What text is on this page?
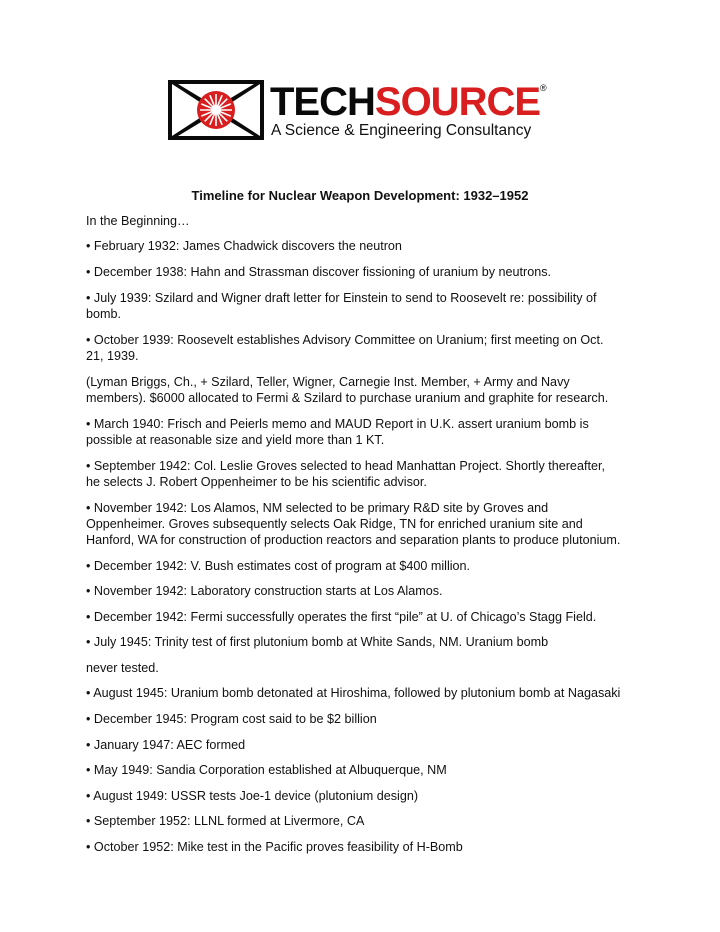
TECHSOURCE®
A Science & Engineering Consultancy
Timeline for Nuclear Weapon Development: 1932–1952
In the Beginning…
• February 1932: James Chadwick discovers the neutron
• December 1938: Hahn and Strassman discover fissioning of uranium by neutrons.
• July 1939: Szilard and Wigner draft letter for Einstein to send to Roosevelt re: possibility of
bomb.
• October 1939: Roosevelt establishes Advisory Committee on Uranium; first meeting on Oct.
21, 1939.
(Lyman Briggs, Ch., + Szilard, Teller, Wigner, Carnegie Inst. Member, + Army and Navy
members). $6000 allocated to Fermi & Szilard to purchase uranium and graphite for research.
• March 1940: Frisch and Peierls memo and MAUD Report in U.K. assert uranium bomb is
possible at reasonable size and yield more than 1 KT.
• September 1942: Col. Leslie Groves selected to head Manhattan Project. Shortly thereafter,
he selects J. Robert Oppenheimer to be his scientific advisor.
• November 1942: Los Alamos, NM selected to be primary R&D site by Groves and
Oppenheimer. Groves subsequently selects Oak Ridge, TN for enriched uranium site and
Hanford, WA for construction of production reactors and separation plants to produce plutonium.
• December 1942: V. Bush estimates cost of program at $400 million.
• November 1942: Laboratory construction starts at Los Alamos.
• December 1942: Fermi successfully operates the first “pile” at U. of Chicago’s Stagg Field.
• July 1945: Trinity test of first plutonium bomb at White Sands, NM. Uranium bomb
never tested.
• August 1945: Uranium bomb detonated at Hiroshima, followed by plutonium bomb at Nagasaki
• December 1945: Program cost said to be $2 billion
• January 1947: AEC formed
• May 1949: Sandia Corporation established at Albuquerque, NM
• August 1949: USSR tests Joe-1 device (plutonium design)
• September 1952: LLNL formed at Livermore, CA
• October 1952: Mike test in the Pacific proves feasibility of H-Bomb
